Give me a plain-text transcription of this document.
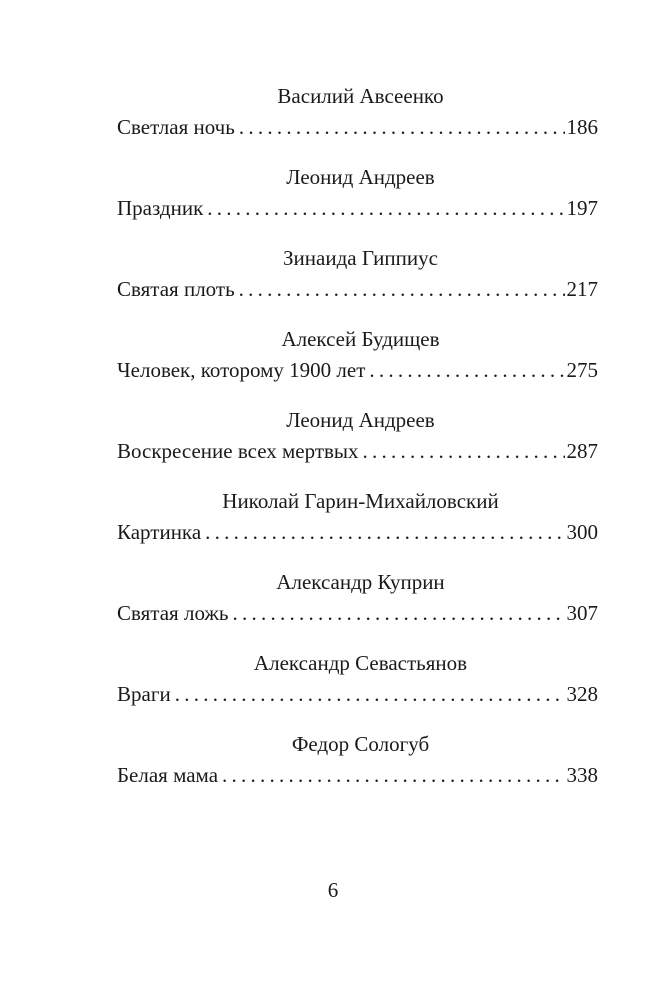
Василий Авсеенко
Светлая ночь . . .	186
Леонид Андреев
Праздник . . .	197
Зинаида Гиппиус
Святая плоть . . .	217
Алексей Будищев
Человек, которому 1900 лет . . .	275
Леонид Андреев
Воскресение всех мертвых . . .	287
Николай Гарин-Михайловский
Картинка . . .	300
Александр Куприн
Святая ложь . . .	307
Александр Севастьянов
Враги . . .	328
Федор Сологуб
Белая мама . . .	338
6
